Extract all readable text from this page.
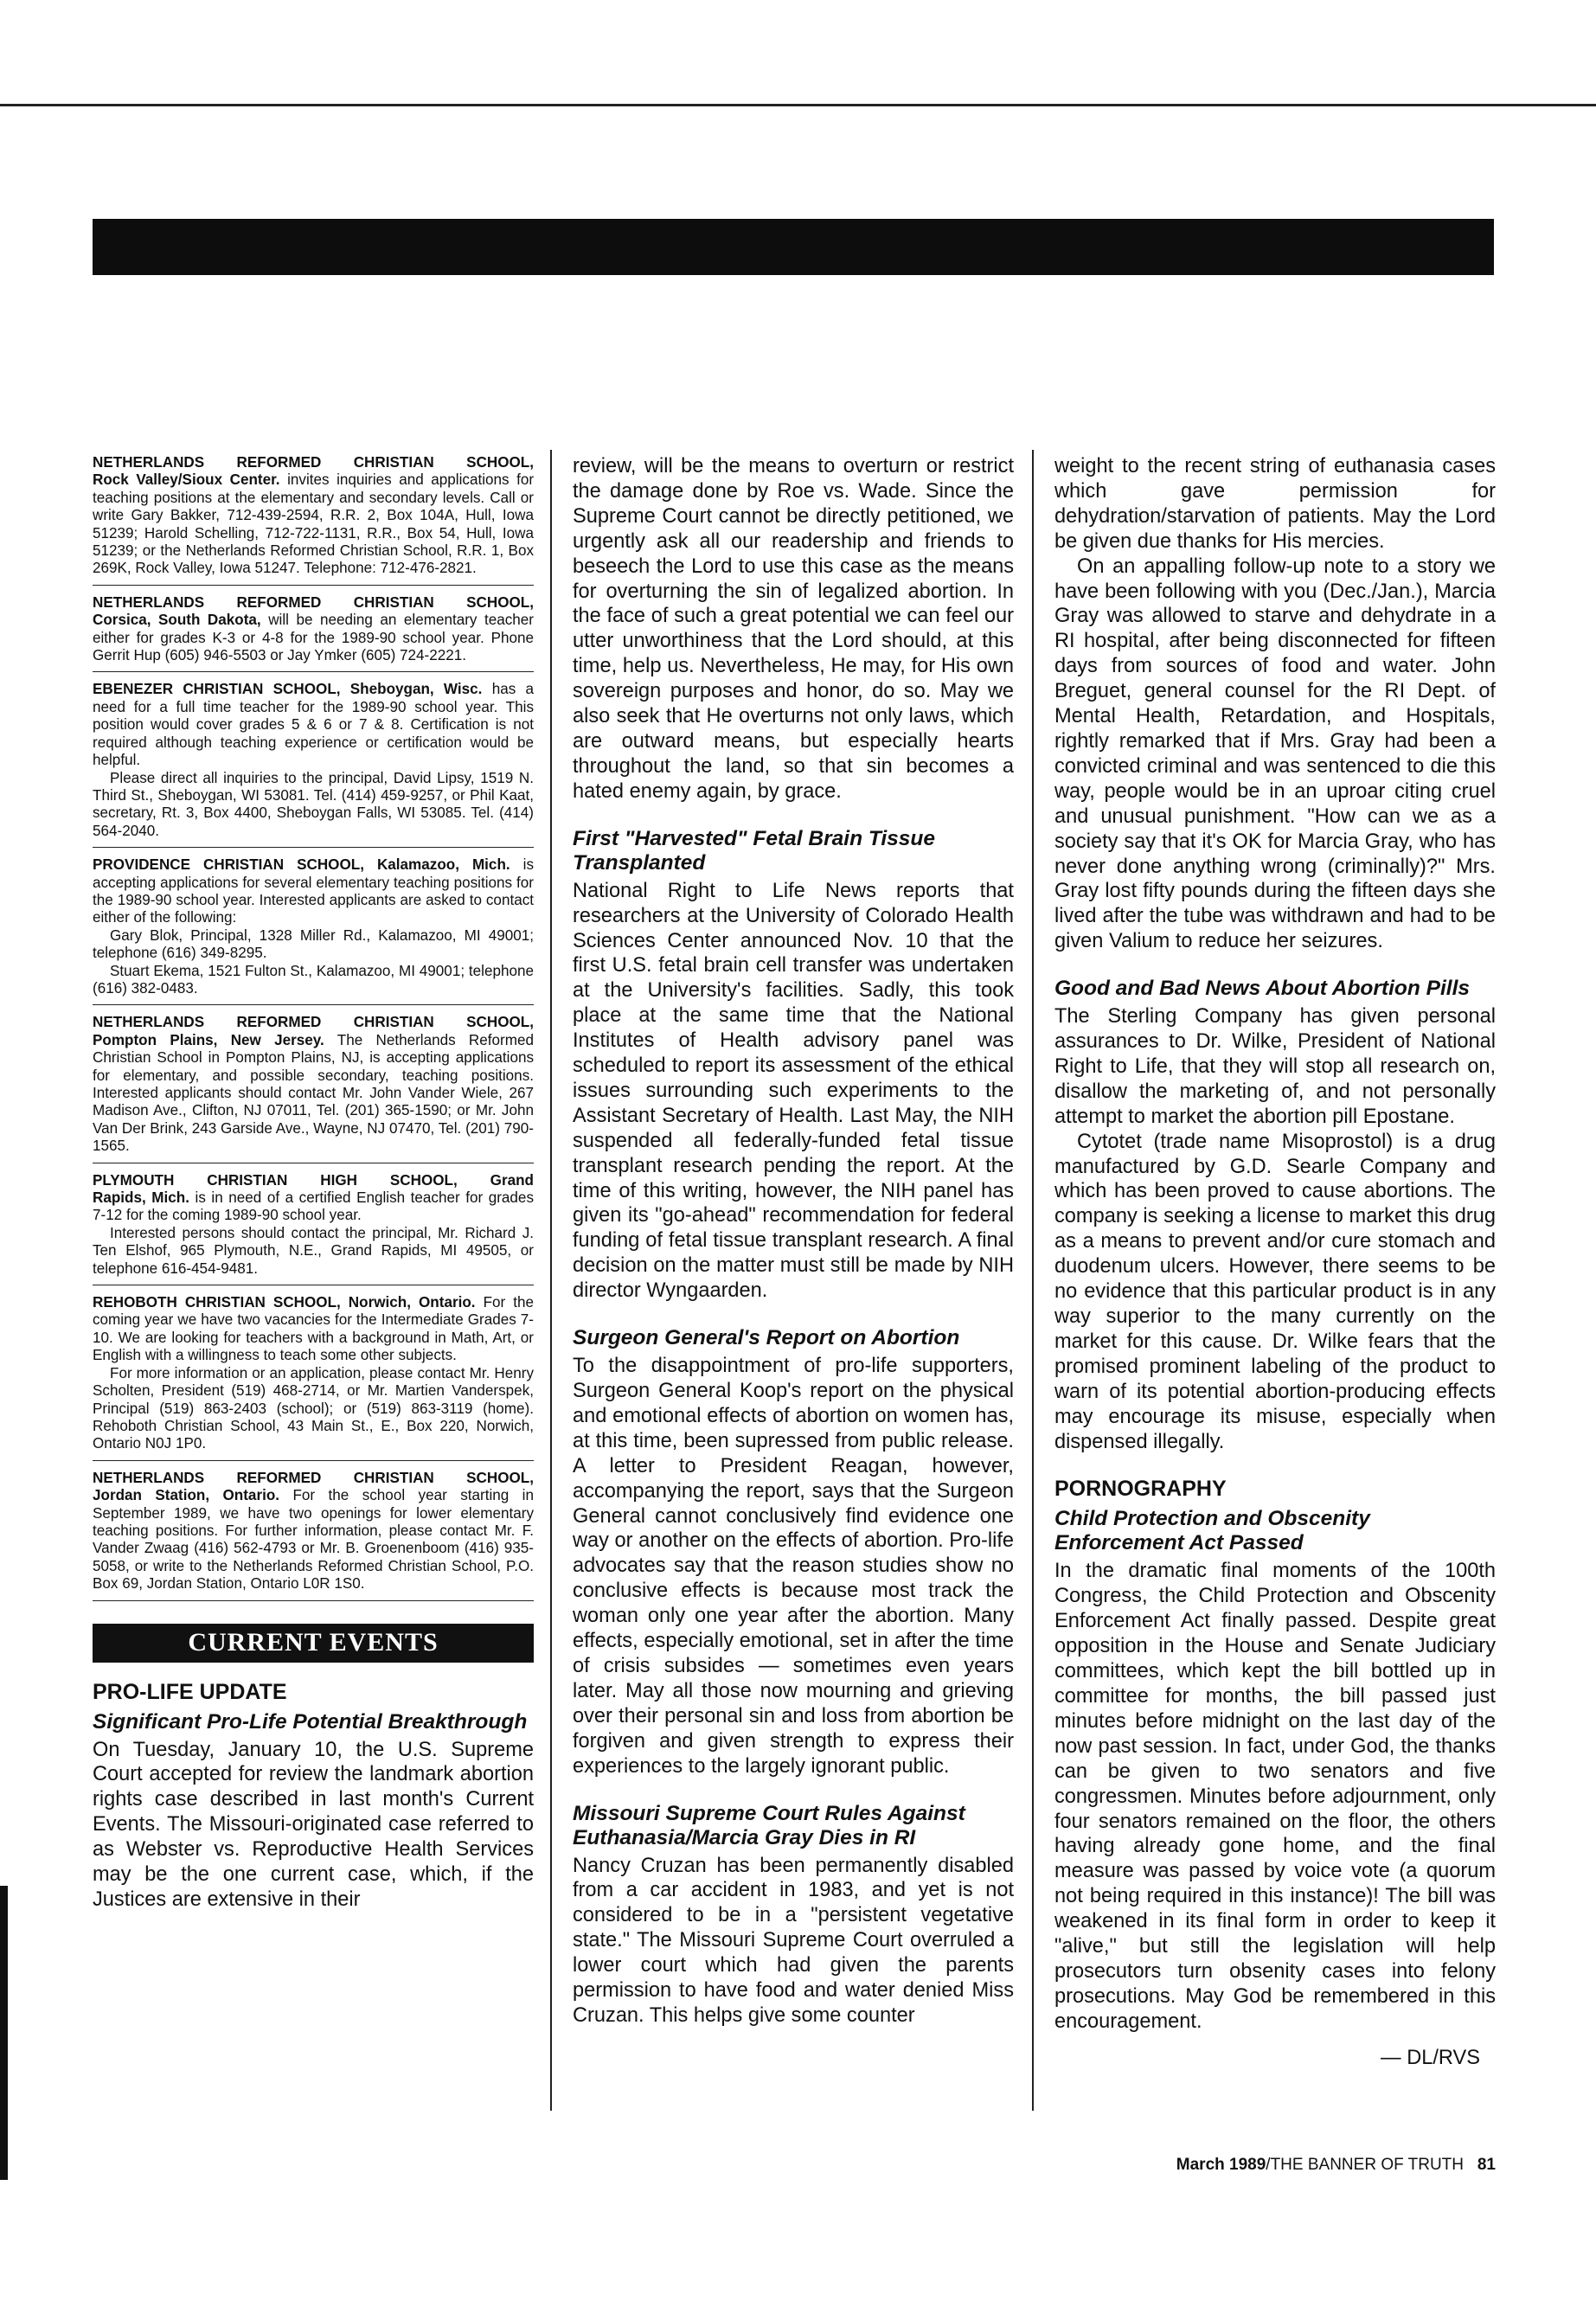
NETHERLANDS REFORMED CHRISTIAN SCHOOL,

Rock Valley/Sioux Center. invites inquiries and applications for teaching positions at the elementary and secondary levels. Call or write Gary Bakker, 712-439-2594, R.R. 2, Box 104A, Hull, Iowa 51239; Harold Schelling, 712-722-1131, R.R., Box 54, Hull, Iowa 51239; or the Netherlands Reformed Christian School, R.R. 1, Box 269K, Rock Valley, Iowa 51247. Telephone: 712-476-2821.

NETHERLANDS REFORMED CHRISTIAN SCHOOL,

Corsica, South Dakota, will be needing an elementary teacher either for grades K-3 or 4-8 for the 1989-90 school year. Phone Gerrit Hup (605) 946-5503 or Jay Ymker (605) 724-2221.

EBENEZER CHRISTIAN SCHOOL, Sheboygan, Wisc. has a need for a full time teacher for the 1989-90 school year. This position would cover grades 5 & 6 or 7 & 8. Certification is not required although teaching experience or certification would be helpful.

Please direct all inquiries to the principal, David Lipsy, 1519 N. Third St., Sheboygan, WI 53081. Tel. (414) 459-9257, or Phil Kaat, secretary, Rt. 3, Box 4400, Sheboygan Falls, WI 53085. Tel. (414) 564-2040.

PROVIDENCE CHRISTIAN SCHOOL, Kalamazoo, Mich. is accepting applications for several elementary teaching positions for the 1989-90 school year. Interested applicants are asked to contact either of the following:

Gary Blok, Principal, 1328 Miller Rd., Kalamazoo, MI 49001; telephone (616) 349-8295.

Stuart Ekema, 1521 Fulton St., Kalamazoo, MI 49001; telephone (616) 382-0483.

NETHERLANDS REFORMED CHRISTIAN SCHOOL,

Pompton Plains, New Jersey. The Netherlands Reformed Christian School in Pompton Plains, NJ, is accepting applications for elementary, and possible secondary, teaching positions. Interested applicants should contact Mr. John Vander Wiele, 267 Madison Ave., Clifton, NJ 07011, Tel. (201) 365-1590; or Mr. John Van Der Brink, 243 Garside Ave., Wayne, NJ 07470, Tel. (201) 790-1565.

PLYMOUTH CHRISTIAN HIGH SCHOOL, Grand

Rapids, Mich. is in need of a certified English teacher for grades 7-12 for the coming 1989-90 school year.

Interested persons should contact the principal, Mr. Richard J. Ten Elshof, 965 Plymouth, N.E., Grand Rapids, MI 49505, or telephone 616-454-9481.

REHOBOTH CHRISTIAN SCHOOL, Norwich, Ontario. For the coming year we have two vacancies for the Intermediate Grades 7-10. We are looking for teachers with a background in Math, Art, or English with a willingness to teach some other subjects.

For more information or an application, please contact Mr. Henry Scholten, President (519) 468-2714, or Mr. Martien Vanderspek, Principal (519) 863-2403 (school); or (519) 863-3119 (home). Rehoboth Christian School, 43 Main St., E., Box 220, Norwich, Ontario N0J 1P0.

NETHERLANDS REFORMED CHRISTIAN SCHOOL,

Jordan Station, Ontario. For the school year starting in September 1989, we have two openings for lower elementary teaching positions. For further information, please contact Mr. F. Vander Zwaag (416) 562-4793 or Mr. B. Groenenboom (416) 935-5058, or write to the Netherlands Reformed Christian School, P.O. Box 69, Jordan Station, Ontario L0R 1S0.

CURRENT EVENTS
PRO-LIFE UPDATE
Significant Pro-Life Potential Breakthrough

On Tuesday, January 10, the U.S. Supreme Court accepted for review the landmark abortion rights case described in last month's Current Events. The Missouri-originated case referred to as Webster vs. Reproductive Health Services may be the one current case, which, if the Justices are extensive in their

review, will be the means to overturn or restrict the damage done by Roe vs. Wade. Since the Supreme Court cannot be directly petitioned, we urgently ask all our readership and friends to beseech the Lord to use this case as the means for overturning the sin of legalized abortion. In the face of such a great potential we can feel our utter unworthiness that the Lord should, at this time, help us. Nevertheless, He may, for His own sovereign purposes and honor, do so. May we also seek that He overturns not only laws, which are outward means, but especially hearts throughout the land, so that sin becomes a hated enemy again, by grace.

First "Harvested" Fetal Brain Tissue Transplanted

National Right to Life News reports that researchers at the University of Colorado Health Sciences Center announced Nov. 10 that the first U.S. fetal brain cell transfer was undertaken at the University's facilities. Sadly, this took place at the same time that the National Institutes of Health advisory panel was scheduled to report its assessment of the ethical issues surrounding such experiments to the Assistant Secretary of Health. Last May, the NIH suspended all federally-funded fetal tissue transplant research pending the report. At the time of this writing, however, the NIH panel has given its "go-ahead" recommendation for federal funding of fetal tissue transplant research. A final decision on the matter must still be made by NIH director Wyngaarden.

Surgeon General's Report on Abortion

To the disappointment of pro-life supporters, Surgeon General Koop's report on the physical and emotional effects of abortion on women has, at this time, been supressed from public release. A letter to President Reagan, however, accompanying the report, says that the Surgeon General cannot conclusively find evidence one way or another on the effects of abortion. Pro-life advocates say that the reason studies show no conclusive effects is because most track the woman only one year after the abortion. Many effects, especially emotional, set in after the time of crisis subsides — sometimes even years later. May all those now mourning and grieving over their personal sin and loss from abortion be forgiven and given strength to express their experiences to the largely ignorant public.

Missouri Supreme Court Rules Against Euthanasia/Marcia Gray Dies in RI

Nancy Cruzan has been permanently disabled from a car accident in 1983, and yet is not considered to be in a "persistent vegetative state." The Missouri Supreme Court overruled a lower court which had given the parents permission to have food and water denied Miss Cruzan. This helps give some counter

weight to the recent string of euthanasia cases which gave permission for dehydration/starvation of patients. May the Lord be given due thanks for His mercies.

On an appalling follow-up note to a story we have been following with you (Dec./Jan.), Marcia Gray was allowed to starve and dehydrate in a RI hospital, after being disconnected for fifteen days from sources of food and water. John Breguet, general counsel for the RI Dept. of Mental Health, Retardation, and Hospitals, rightly remarked that if Mrs. Gray had been a convicted criminal and was sentenced to die this way, people would be in an uproar citing cruel and unusual punishment. "How can we as a society say that it's OK for Marcia Gray, who has never done anything wrong (criminally)?" Mrs. Gray lost fifty pounds during the fifteen days she lived after the tube was withdrawn and had to be given Valium to reduce her seizures.

Good and Bad News About Abortion Pills

The Sterling Company has given personal assurances to Dr. Wilke, President of National Right to Life, that they will stop all research on, disallow the marketing of, and not personally attempt to market the abortion pill Epostane.

Cytotet (trade name Misoprostol) is a drug manufactured by G.D. Searle Company and which has been proved to cause abortions. The company is seeking a license to market this drug as a means to prevent and/or cure stomach and duodenum ulcers. However, there seems to be no evidence that this particular product is in any way superior to the many currently on the market for this cause. Dr. Wilke fears that the promised prominent labeling of the product to warn of its potential abortion-producing effects may encourage its misuse, especially when dispensed illegally.

PORNOGRAPHY
Child Protection and Obscenity Enforcement Act Passed

In the dramatic final moments of the 100th Congress, the Child Protection and Obscenity Enforcement Act finally passed. Despite great opposition in the House and Senate Judiciary committees, which kept the bill bottled up in committee for months, the bill passed just minutes before midnight on the last day of the now past session. In fact, under God, the thanks can be given to two senators and five congressmen. Minutes before adjournment, only four senators remained on the floor, the others having already gone home, and the final measure was passed by voice vote (a quorum not being required in this instance)! The bill was weakened in its final form in order to keep it "alive," but still the legislation will help prosecutors turn obsenity cases into felony prosecutions. May God be remembered in this encouragement.

— DL/RVS
March 1989/THE BANNER OF TRUTH 81
